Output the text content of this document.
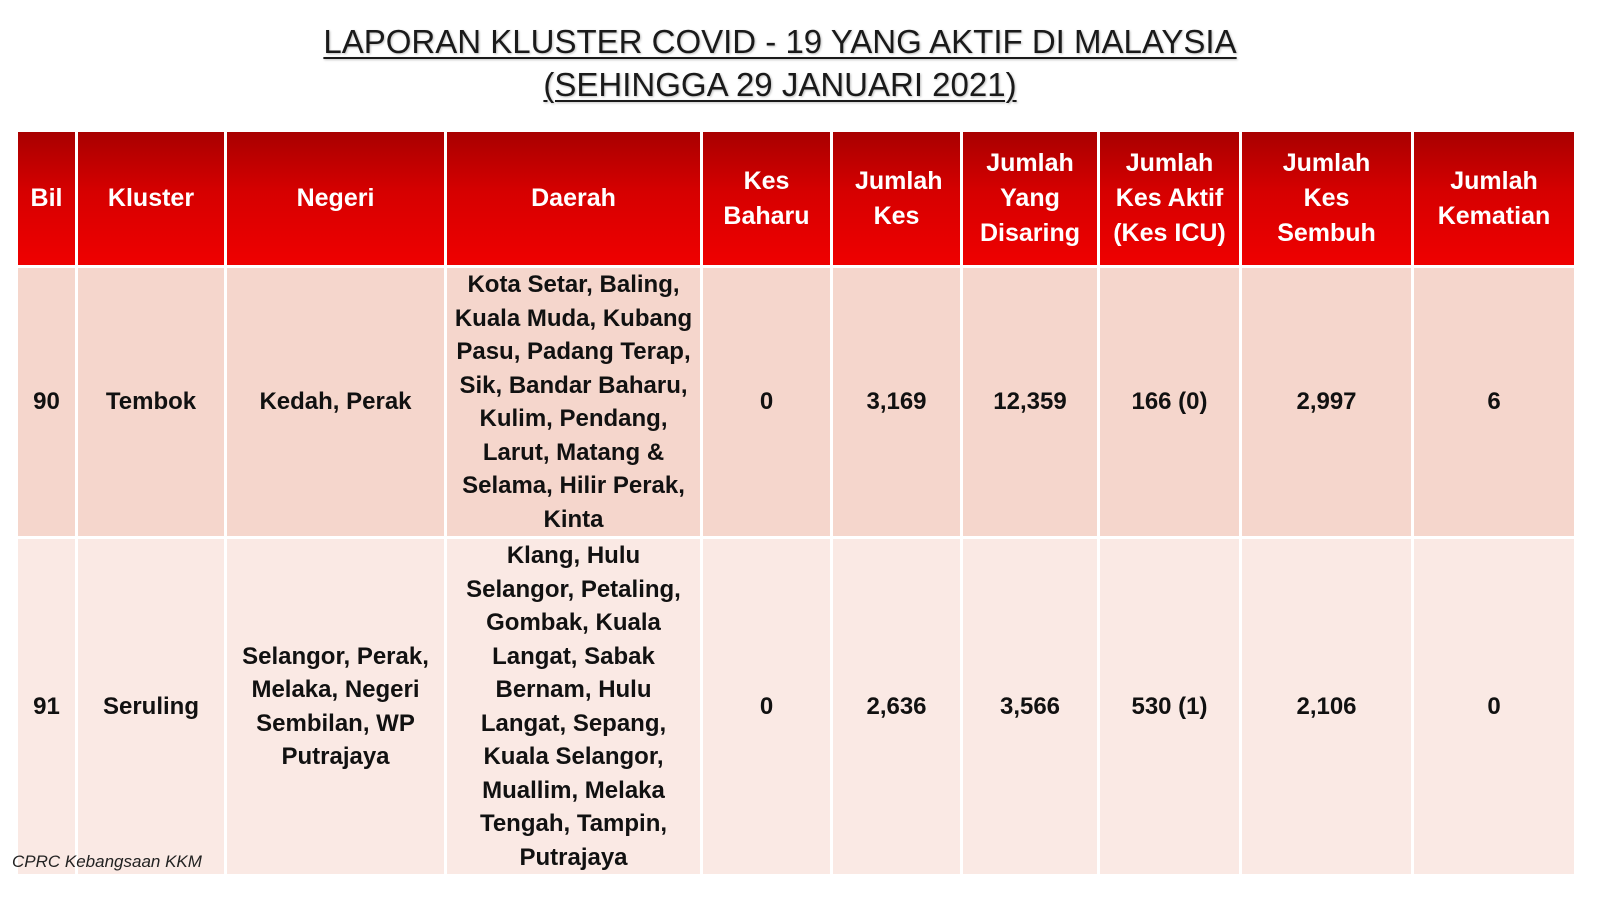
LAPORAN KLUSTER COVID - 19 YANG AKTIF DI MALAYSIA
(SEHINGGA 29 JANUARI 2021)
Bil	Kluster	Negeri	Daerah	Kes Baharu	Jumlah Kes	Jumlah Yang Disaring	Jumlah Kes Aktif (Kes ICU)	Jumlah Kes Sembuh	Jumlah Kematian
90	Tembok	Kedah, Perak	Kota Setar, Baling, Kuala Muda, Kubang Pasu, Padang Terap, Sik, Bandar Baharu, Kulim, Pendang, Larut, Matang & Selama, Hilir Perak, Kinta	0	3,169	12,359	166 (0)	2,997	6
91	Seruling	Selangor, Perak, Melaka, Negeri Sembilan, WP Putrajaya	Klang, Hulu Selangor, Petaling, Gombak, Kuala Langat, Sabak Bernam, Hulu Langat, Sepang, Kuala Selangor, Muallim, Melaka Tengah, Tampin, Putrajaya	0	2,636	3,566	530 (1)	2,106	0
CPRC Kebangsaan KKM
